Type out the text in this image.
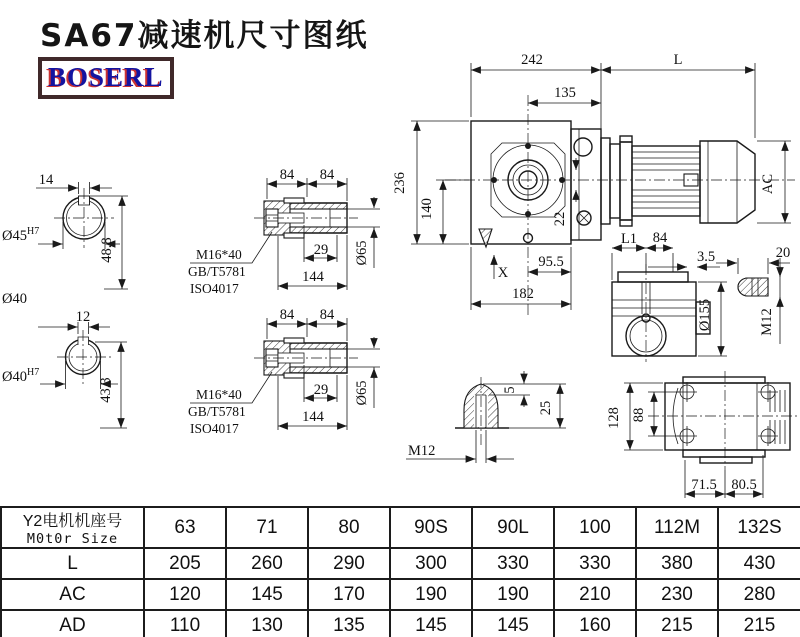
SA67减速机尺寸图纸
BOSERL
14
$Ø45^{H7}$
48.8
Ø40
12
$Ø40^{H7}$
43.3
84 84
29
144
Ø65
M16*40
GB/T5781
ISO4017
84 84
29
144
Ø65
M16*40
GB/T5781
ISO4017
242	L
135
236
140	22
AC
95.5
182
X
L1 84
3.5	20
M12
Ø155
5
25
M12
128 88
71.5 80.5
Y2电机机座号
M0t0r Size	63	71	80	90S	90L	100	112M	132S
L	205	260	290	300	330	330	380	430
AC	120	145	170	190	190	210	230	280
AD	110	130	135	145	145	160	215	215
